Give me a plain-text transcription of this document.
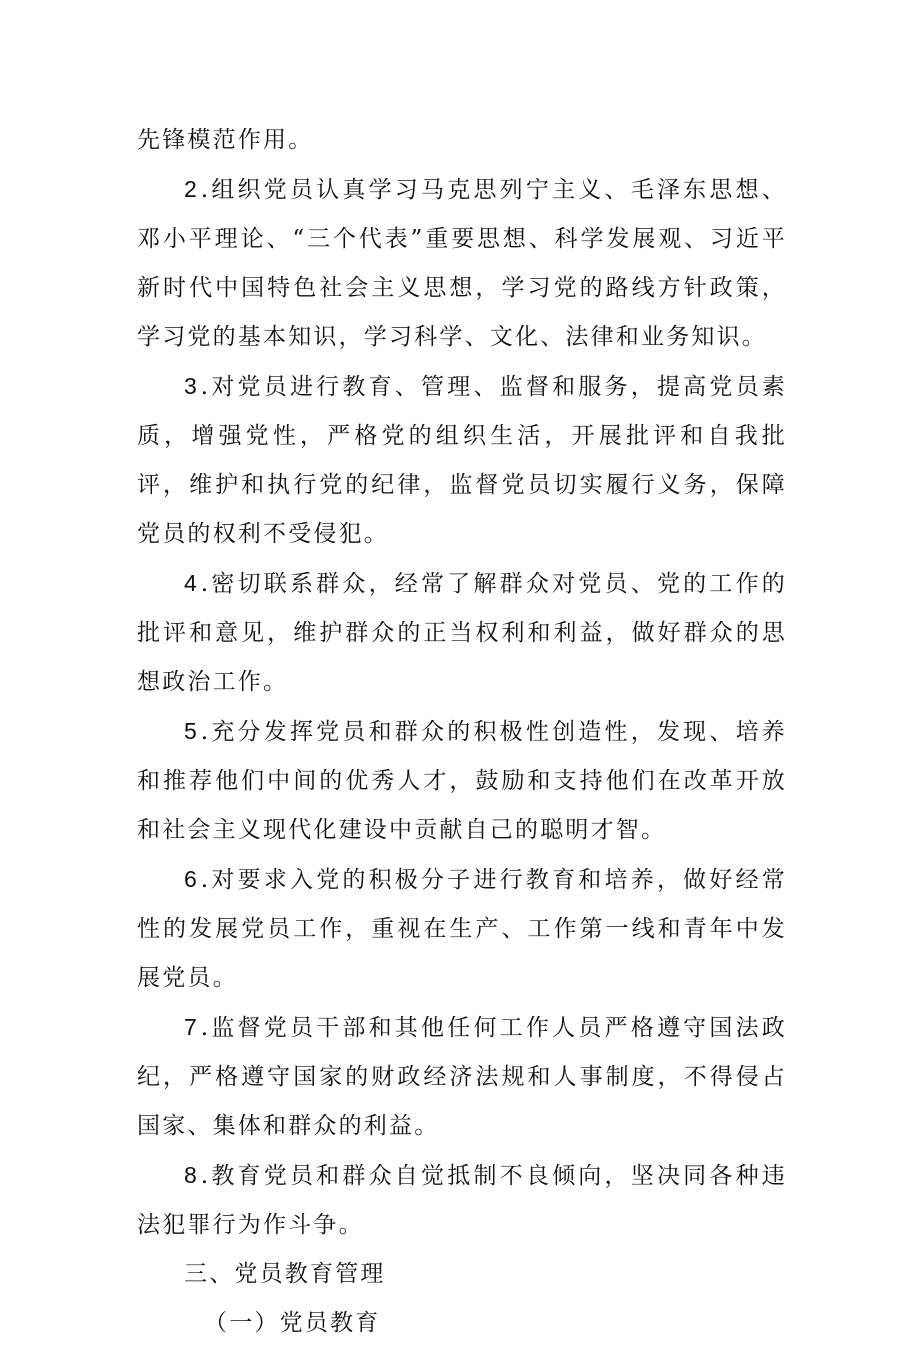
先锋模范作用。

2.组织党员认真学习马克思列宁主义、毛泽东思想、邓小平理论、“三个代表”重要思想、科学发展观、习近平新时代中国特色社会主义思想，学习党的路线方针政策，学习党的基本知识，学习科学、文化、法律和业务知识。

3.对党员进行教育、管理、监督和服务，提高党员素质，增强党性，严格党的组织生活，开展批评和自我批评，维护和执行党的纪律，监督党员切实履行义务，保障党员的权利不受侵犯。

4.密切联系群众，经常了解群众对党员、党的工作的批评和意见，维护群众的正当权利和利益，做好群众的思想政治工作。

5.充分发挥党员和群众的积极性创造性，发现、培养和推荐他们中间的优秀人才，鼓励和支持他们在改革开放和社会主义现代化建设中贡献自己的聪明才智。

6.对要求入党的积极分子进行教育和培养，做好经常性的发展党员工作，重视在生产、工作第一线和青年中发展党员。

7.监督党员干部和其他任何工作人员严格遵守国法政纪，严格遵守国家的财政经济法规和人事制度，不得侵占国家、集体和群众的利益。

8.教育党员和群众自觉抵制不良倾向，坚决同各种违法犯罪行为作斗争。

三、党员教育管理

（一）党员教育
